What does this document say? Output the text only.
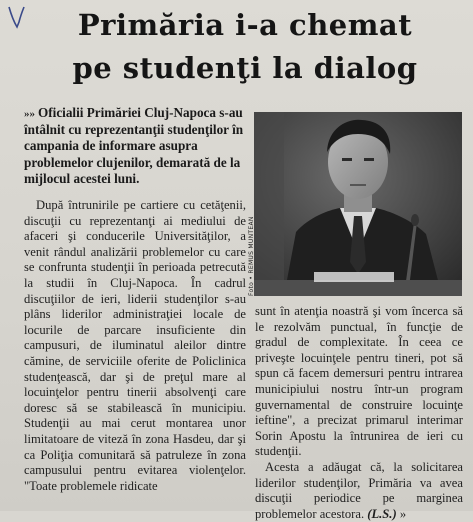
Primăria i-a chemat
pe studenţi la dialog
»» Oficialii Primăriei Cluj-Napoca s-au întâlnit cu reprezentanţii studenţilor în campania de informare asupra problemelor clujenilor, demarată de la mijlocul acestei luni.
După întrunirile pe cartiere cu cetăţenii, discuţii cu reprezentanţi ai mediului de afaceri şi conducerile Universităţilor, a venit rândul analizării problemelor cu care se confrunta studenţii în perioada petrecută la studii în Cluj-Napoca. În cadrul discuţiilor de ieri, liderii studenţilor s-au plâns liderilor administraţiei locale de locurile de parcare insuficiente din campusuri, de iluminatul aleilor dintre cămine, de serviciile oferite de Policlinica studenţească, dar şi de preţul mare al locuinţelor pentru tinerii absolvenţi care doresc să se stabilească în municipiu. Studenţii au mai cerut montarea unor limitatoare de viteză în zona Hasdeu, dar şi ca Poliţia comunitară să patruleze în zona campusului pentru evitarea violenţelor. "Toate problemele ridicate
Foto • REMUS MUNTEAN
sunt în atenţia noastră şi vom încerca să le rezolvăm punctual, în funcţie de gradul de complexitate. În ceea ce priveşte locuinţele pentru tineri, pot să spun că facem demersuri pentru intrarea municipiului nostru într-un program guvernamental de construire locuinţe ieftine", a precizat primarul interimar Sorin Apostu la întrunirea de ieri cu studenţii.
Acesta a adăugat că, la solicitarea liderilor studenţilor, Primăria va avea discuţii periodice pe marginea problemelor acestora. (L.S.) »
